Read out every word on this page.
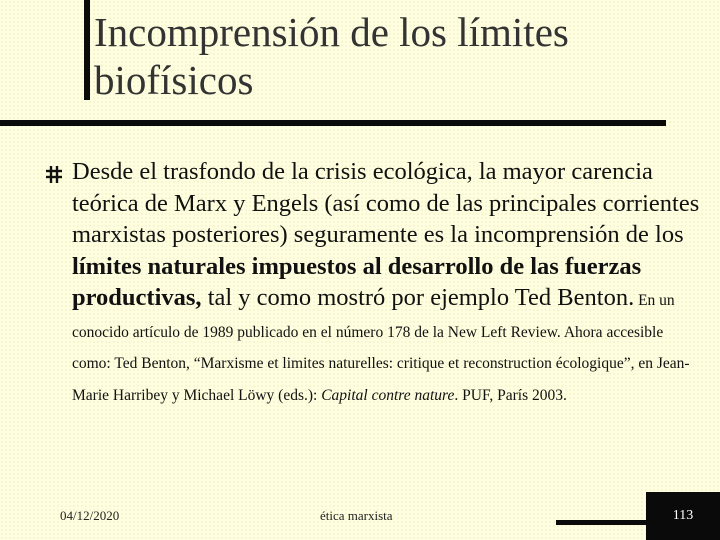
Incomprensión de los límites biofísicos
Desde el trasfondo de la crisis ecológica, la mayor carencia teórica de Marx y Engels (así como de las principales corrientes marxistas posteriores) seguramente es la incomprensión de los límites naturales impuestos al desarrollo de las fuerzas productivas, tal y como mostró por ejemplo Ted Benton. En un conocido artículo de 1989 publicado en el número 178 de la New Left Review. Ahora accesible como: Ted Benton, “Marxisme et limites naturelles: critique et reconstruction écologique”, en Jean-Marie Harribey y Michael Löwy (eds.): Capital contre nature. PUF, París 2003.
04/12/2020	ética marxista	113
